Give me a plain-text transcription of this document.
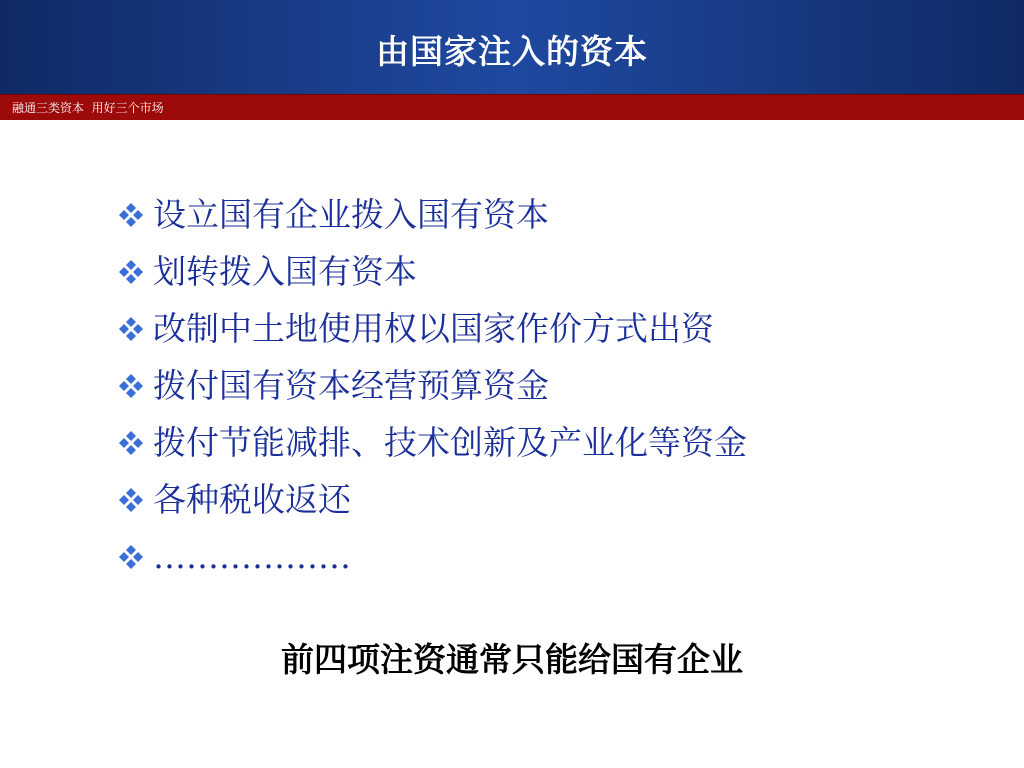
由国家注入的资本
融通三类资本  用好三个市场
设立国有企业拨入国有资本
划转拨入国有资本
改制中土地使用权以国家作价方式出资
拨付国有资本经营预算资金
拨付节能减排、技术创新及产业化等资金
各种税收返还
………………
前四项注资通常只能给国有企业
